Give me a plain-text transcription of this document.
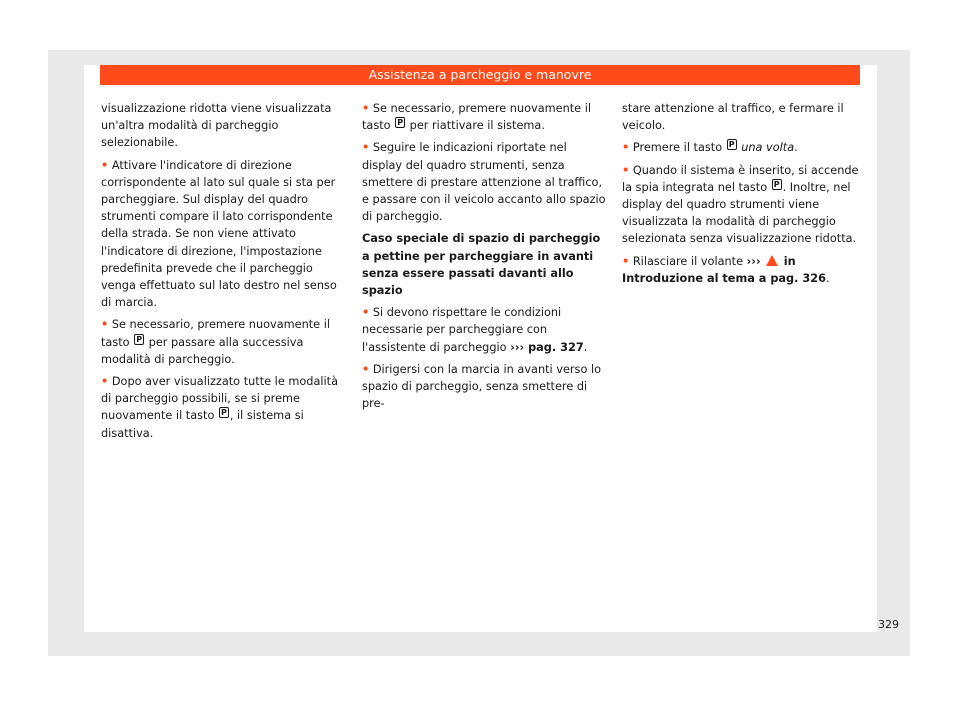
Assistenza a parcheggio e manovre

visualizzazione ridotta viene visualizzata un'altra modalità di parcheggio selezionabile.

• Attivare l'indicatore di direzione corrispondente al lato sul quale si sta per parcheggiare. Sul display del quadro strumenti compare il lato corrispondente della strada. Se non viene attivato l'indicatore di direzione, l'impostazione predefinita prevede che il parcheggio venga effettuato sul lato destro nel senso di marcia.

• Se necessario, premere nuovamente il tasto P per passare alla successiva modalità di parcheggio.

• Dopo aver visualizzato tutte le modalità di parcheggio possibili, se si preme nuovamente il tasto P , il sistema si disattiva.

• Se necessario, premere nuovamente il tasto P per riattivare il sistema.

• Seguire le indicazioni riportate nel display del quadro strumenti, senza smettere di prestare attenzione al traffico, e passare con il veicolo accanto allo spazio di parcheggio.

Caso speciale di spazio di parcheggio a pettine per parcheggiare in avanti senza essere passati davanti allo spazio

• Si devono rispettare le condizioni necessarie per parcheggiare con l'assistente di parcheggio ››› pag. 327.

• Dirigersi con la marcia in avanti verso lo spazio di parcheggio, senza smettere di pre-

stare attenzione al traffico, e fermare il veicolo.

• Premere il tasto P una volta.

• Quando il sistema è inserito, si accende la spia integrata nel tasto P . Inoltre, nel display del quadro strumenti viene visualizzata la modalità di parcheggio selezionata senza visualizzazione ridotta.

• Rilasciare il volante ››› in Introduzione al tema a pag. 326.

329
